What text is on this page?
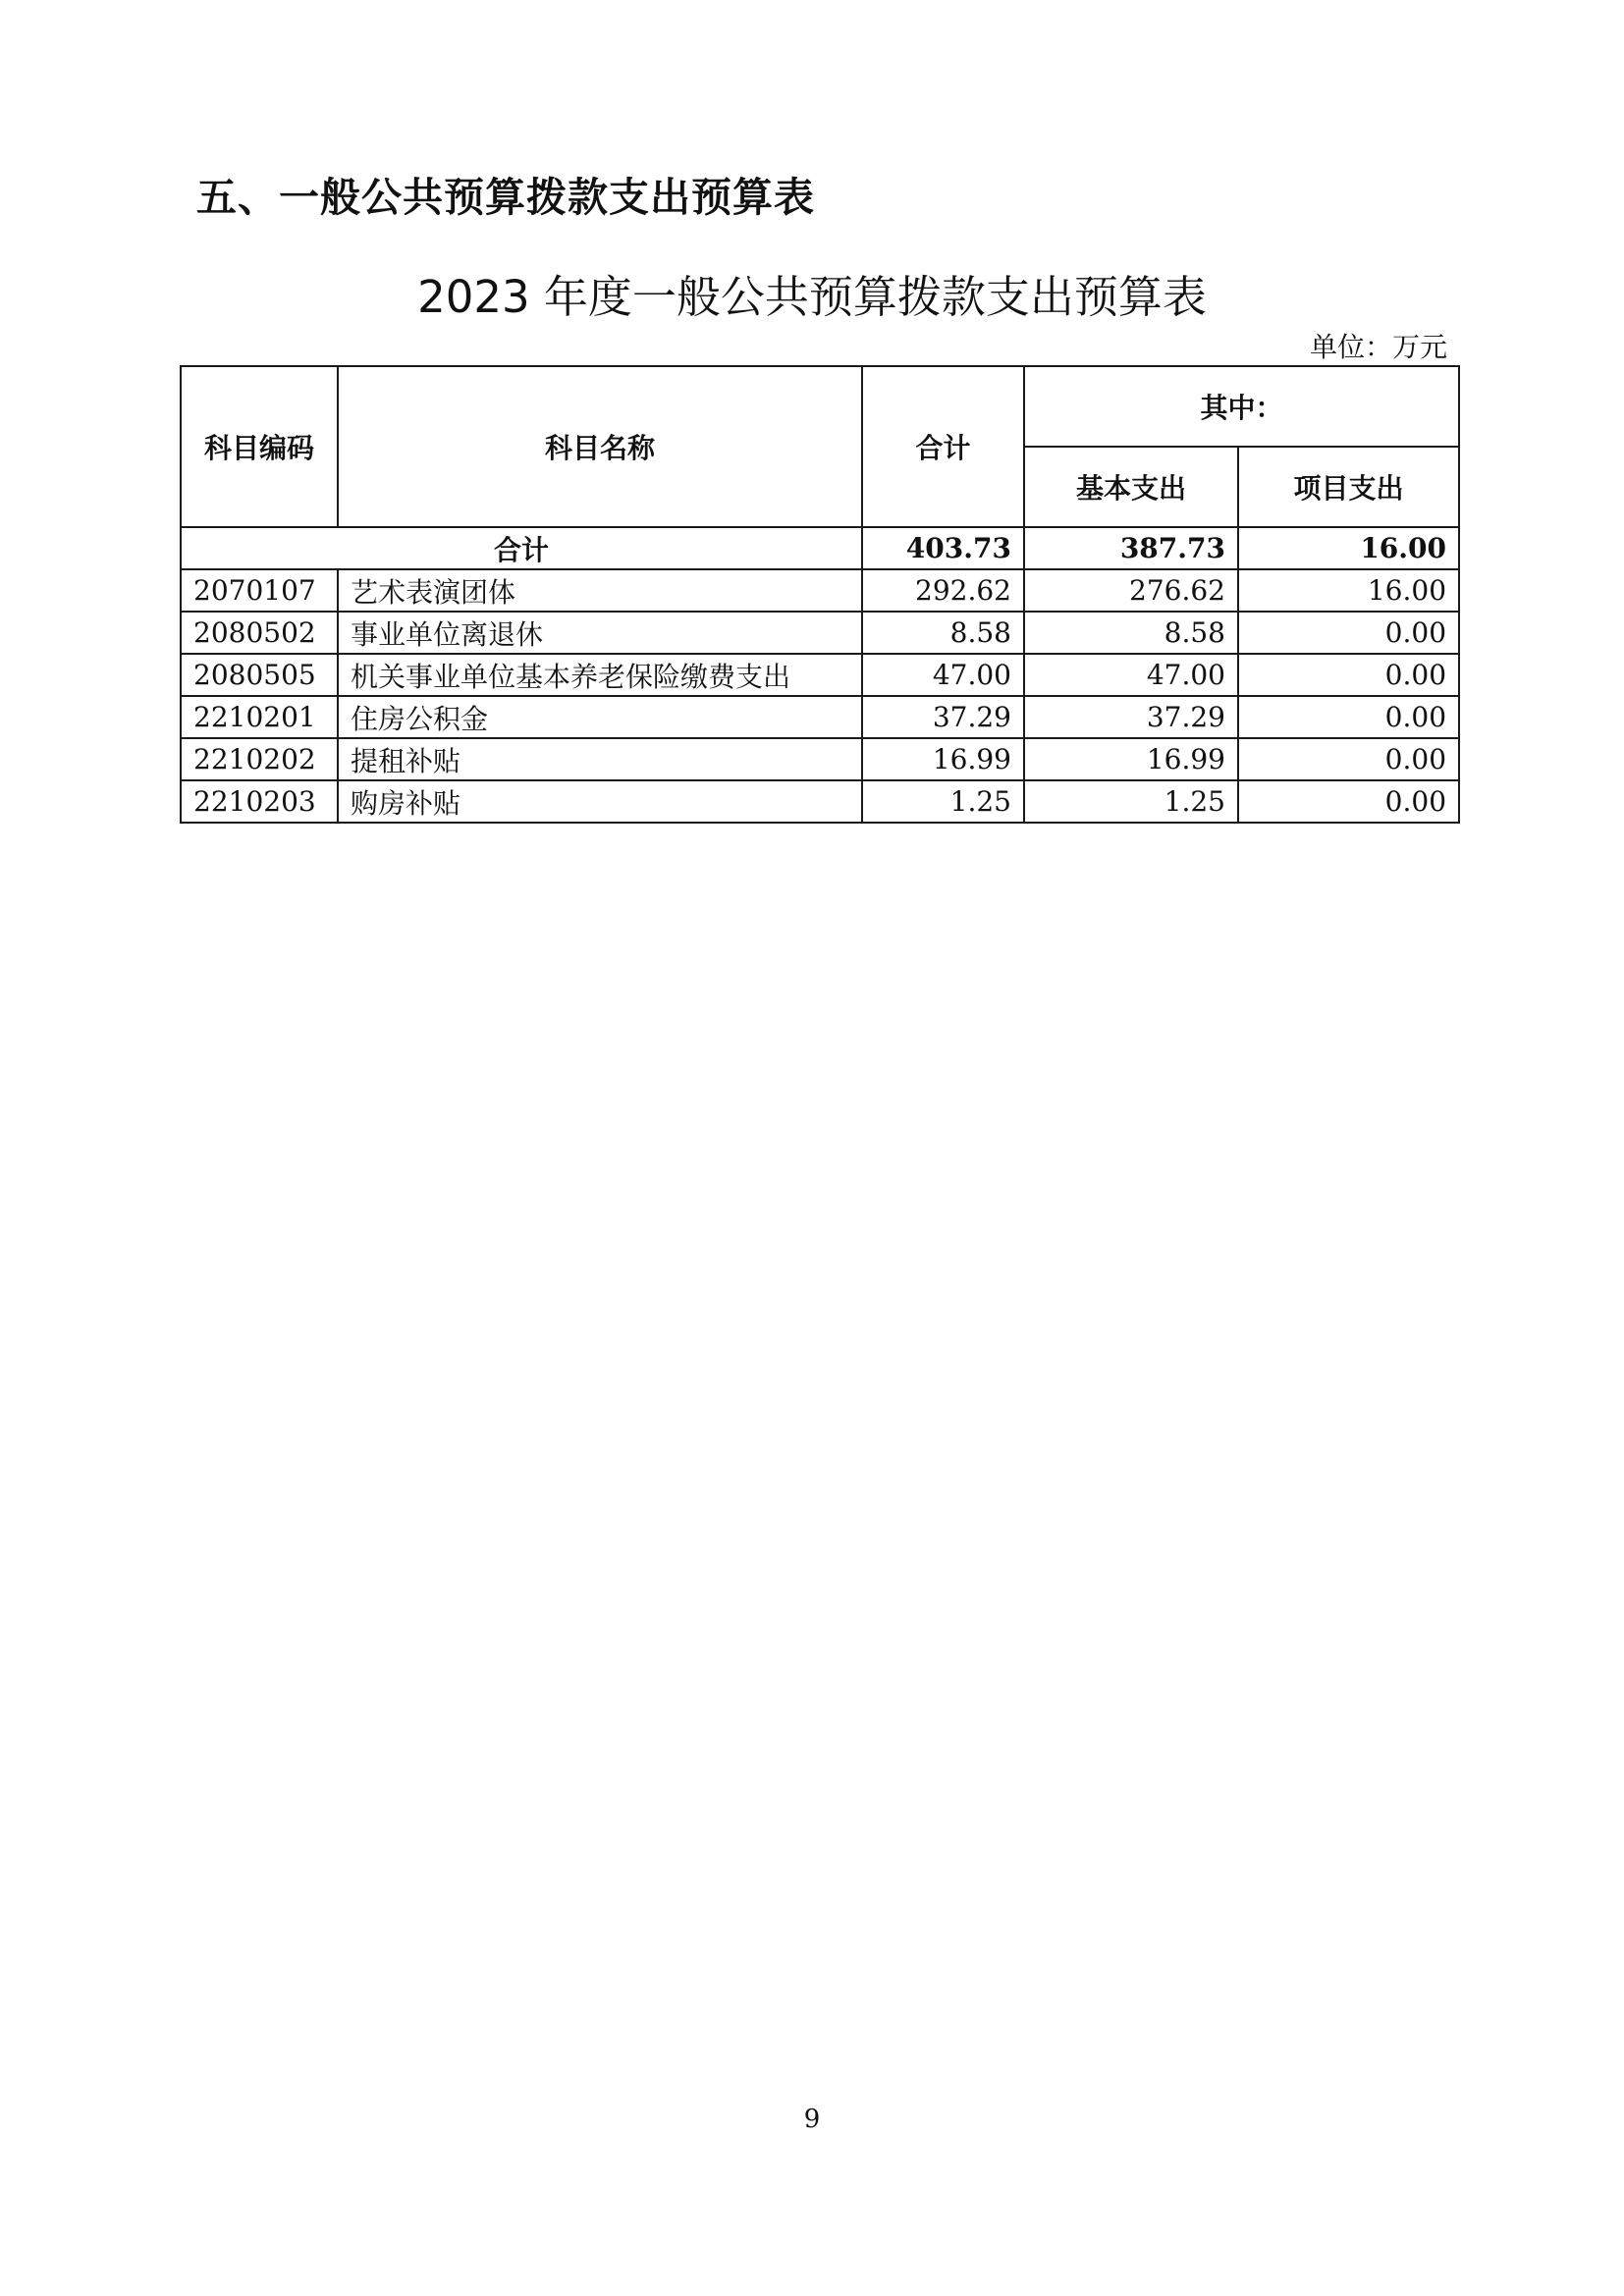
五、一般公共预算拨款支出预算表
2023 年度一般公共预算拨款支出预算表
单位：万元
科目编码	科目名称	合计	其中：	
			基本支出	项目支出
合计		403.73	387.73	16.00
2070107	艺术表演团体	292.62	276.62	16.00
2080502	事业单位离退休	8.58	8.58	0.00
2080505	机关事业单位基本养老保险缴费支出	47.00	47.00	0.00
2210201	住房公积金	37.29	37.29	0.00
2210202	提租补贴	16.99	16.99	0.00
2210203	购房补贴	1.25	1.25	0.00
9
